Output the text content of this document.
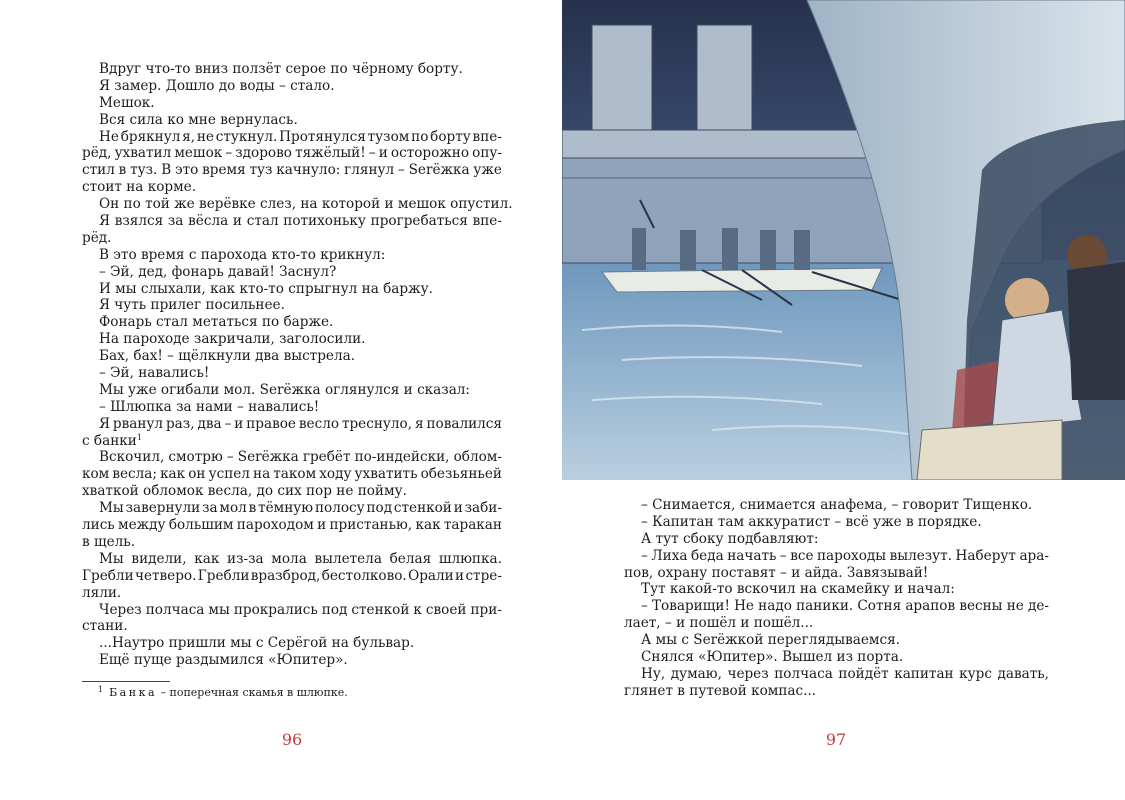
Вдруг что-то вниз ползёт серое по чёрному борту.
Я замер. Дошло до воды – стало.
Мешок.
Вся сила ко мне вернулась.
Не брякнул я, не стукнул. Протянулся тузом по борту впе-
рёд, ухватил мешок – здорово тяжёлый! – и осторожно опу-
стил в туз. В это время туз качнуло: глянул – Serёжка уже
стоит на корме.
Он по той же верёвке слез, на которой и мешок опустил.
Я взялся за вёсла и стал потихоньку прогребаться впе-
рёд.
В это время с парохода кто-то крикнул:
– Эй, дед, фонарь давай! Заснул?
И мы слыхали, как кто-то спрыгнул на баржу.
Я чуть прилег посильнее.
Фонарь стал метаться по барже.
На пароходе закричали, заголосили.
Бах, бах! – щёлкнули два выстрела.
– Эй, навались!
Мы уже огибали мол. Serёжка оглянулся и сказал:
– Шлюпка за нами – навались!
Я рванул раз, два – и правое весло треснуло, я повалился
с банки$^1$
Вскочил, смотрю – Serёжка гребёт по-индейски, облом-
ком весла; как он успел на таком ходу ухватить обезьяньей
хваткой обломок весла, до сих пор не пойму.
Мы завернули за мол в тёмную полосу под стенкой и заби-
лись между большим пароходом и пристанью, как таракан
в щель.
Мы видели, как из-за мола вылетела белая шлюпка.
Гребли четверо. Гребли вразброд, бестолково. Орали и стре-
ляли.
Через полчаса мы прокрались под стенкой к своей при-
стани.
...Наутро пришли мы с Серёгой на бульвар.
Ещё пуще раздымился «Юпитер».
$^1$ Банка – поперечная скамья в шлюпке.
96
– Снимается, снимается анафема, – говорит Тищенко.
– Капитан там аккуратист – всё уже в порядке.
А тут сбоку подбавляют:
– Лиха беда начать – все пароходы вылезут. Наберут ара-
пов, охрану поставят – и айда. Завязывай!
Тут какой-то вскочил на скамейку и начал:
– Товарищи! Не надо паники. Сотня арапов весны не де-
лает, – и пошёл и пошёл...
А мы с Serёжкой переглядываемся.
Снялся «Юпитер». Вышел из порта.
Ну, думаю, через полчаса пойдёт капитан курс давать,
глянет в путевой компас...
97
